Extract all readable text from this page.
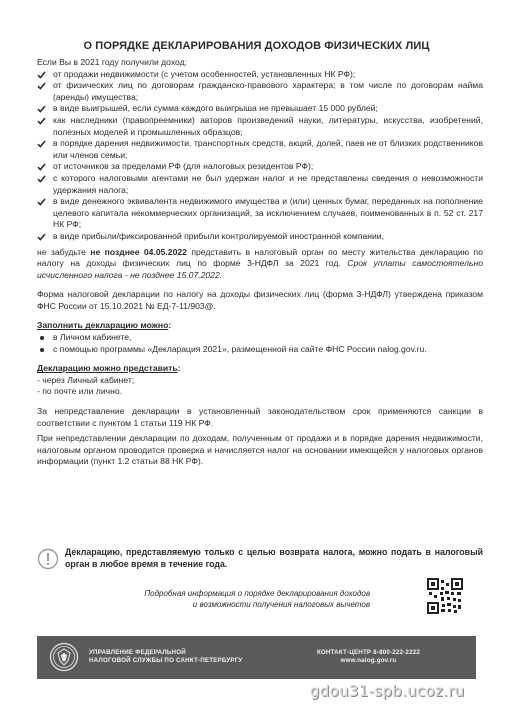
О ПОРЯДКЕ ДЕКЛАРИРОВАНИЯ ДОХОДОВ ФИЗИЧЕСКИХ ЛИЦ

Если Вы в 2021 году получили доход:

от продажи недвижимости (с учетом особенностей, установленных НК РФ);
от физических лиц по договорам гражданско-правового характера; в том числе по договорам найма (аренды) имущества;
в виде выигрышей, если сумма каждого выигрыша не превышает 15 000 рублей;
как наследники (правопреемники) авторов произведений науки, литературы, искусства, изобретений, полезных моделей и промышленных образцов;
в порядке дарения недвижимости, транспортных средств, акций, долей, паев не от близких родственников или членов семьи;
от источников за пределами РФ (для налоговых резидентов РФ);
с которого налоговыми агентами не был удержан налог и не представлены сведения о невозможности удержания налога;
в виде денежного эквивалента недвижимого имущества и (или) ценных бумаг, переданных на пополнение целевого капитала некоммерческих организаций, за исключением случаев, поименованных в п. 52 ст. 217 НК РФ;
в виде прибыли/фиксированной прибыли контролируемой иностранной компании,

не забудьте не позднее 04.05.2022 представить в налоговый орган по месту жительства декларацию по налогу на доходы физических лиц по форме 3-НДФЛ за 2021 год. Срок уплаты самостоятельно исчисленного налога - не позднее 15.07.2022.

Форма налоговой декларации по налогу на доходы физических лиц (форма 3-НДФЛ) утверждена приказом ФНС России от 15.10.2021 № ЕД-7-11/903@.

Заполнить декларацию можно:

в Личном кабинете,
с помощью программы «Декларация 2021», размещенной на сайте ФНС России nalog.gov.ru.

Декларацию можно представить:

- через Личный кабинет;

- по почте или лично.

За непредставление декларации в установленный законодательством срок применяются санкции в соответствии с пунктом 1 статьи 119 НК РФ.

При непредставлении декларации по доходам, полученным от продажи и в порядке дарения недвижимости, налоговым органом проводится проверка и начисляется налог на основании имеющейся у налоговых органов информации (пункт 1.2 статьи 88 НК РФ).

Декларацию, представляемую только с целью возврата налога, можно подать в налоговый орган в любое время в течение года.
Подробная информация о порядке декларирования доходов
и возможности получения налоговых вычетов
УПРАВЛЕНИЕ ФЕДЕРАЛЬНОЙ
НАЛОГОВОЙ СЛУЖБЫ ПО САНКТ-ПЕТЕРБУРГУ
КОНТАКТ-ЦЕНТР 8-800-222-2222
www.nalog.gov.ru
gdou31-spb.ucoz.ru
